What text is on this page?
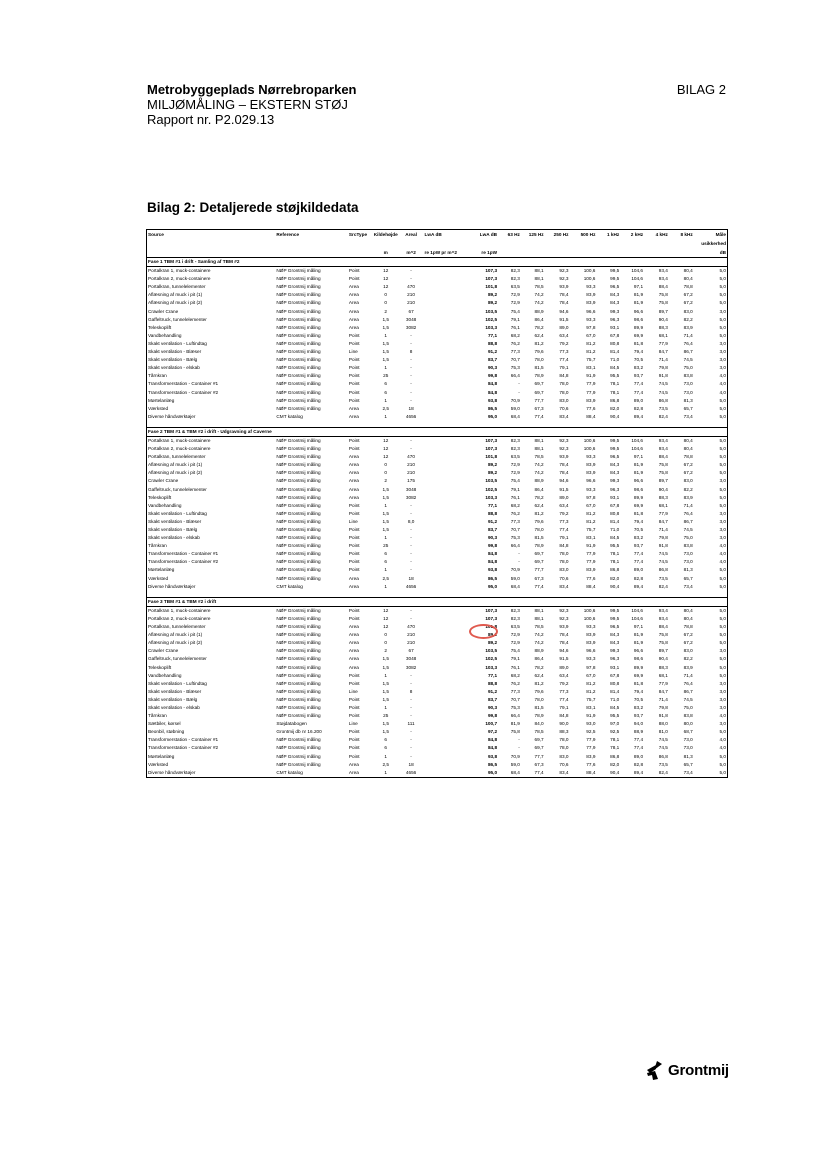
Metrobyggeplads Nørrebroparken
MILJØMÅLING – EKSTERN STØJ
Rapport nr. P2.029.13
BILAG 2
Bilag 2: Detaljerede støjkildedata
Source	Reference	SrcType	Kildehøjde	Areal	LwA dB	LwA dB	63 Hz	125 Hz	250 Hz	500 Hz	1 kHz	2 kHz	4 kHz	8 kHz	Måle
															usikkerhed
			m	m^2	re 1pW pr m^2	re 1pW									dB
Fase 1 TBM #1 i drift - Samling af TBM #2															
Portalkran 1, muck-containere	NØP Grontmij måling	Point	12	-		107,3	82,3	88,1	92,3	100,6	99,5	104,6	93,4	80,4	5,0
Portalkran 2, muck-containere	NØP Grontmij måling	Point	12	-		107,3	82,3	88,1	92,3	100,6	99,5	104,6	93,4	80,4	5,0
Portalkran, tunnelelementer	NØP Grontmij måling	Area	12	470		101,8	63,5	78,5	93,9	93,3	96,5	97,1	88,4	78,8	5,0
Aflæsning af muck i pit (1)	NØP Grontmij måling	Area	0	210		89,2	72,9	74,2	78,4	83,9	84,3	81,9	75,8	67,2	5,0
Aflæsning af muck i pit (2)	NØP Grontmij måling	Area	0	210		89,2	72,9	74,2	78,4	83,9	84,3	81,9	75,8	67,2	5,0
Crawler Crane	NØP Grontmij måling	Area	2	67		103,5	75,4	88,9	94,6	96,6	99,3	96,6	89,7	83,0	3,0
Gaffeltruck, tunnelelementer	NØP Grontmij måling	Area	1,5	3048		102,5	79,1	86,4	91,5	93,3	96,3	98,6	90,4	82,2	5,0
Teleskoplift	NØP Grontmij måling	Area	1,5	3082		103,3	76,1	78,2	89,0	97,8	93,1	89,9	88,3	83,9	5,0
Vandbehandling	NØP Grontmij måling	Point	1	-		77,1	68,2	62,4	63,4	67,0	67,8	69,9	68,1	71,4	5,0
Skakt ventilation - Luftindtag	NØP Grontmij måling	Point	1,5	-		88,8	76,2	81,2	79,2	81,2	80,8	81,8	77,9	76,4	3,0
Skakt ventilation - Blæser	NØP Grontmij måling	Line	1,5	8		91,2	77,3	79,6	77,3	81,2	81,4	79,4	84,7	86,7	3,0
Skakt ventilation - Bælg	NØP Grontmij måling	Point	1,5	-		83,7	70,7	78,0	77,4	75,7	71,0	70,5	71,4	74,5	3,0
Skakt ventilation - elskab	NØP Grontmij måling	Point	1	-		90,3	75,3	81,5	79,1	83,1	84,5	83,2	79,8	75,0	3,0
Tårnkran	NØP Grontmij måling	Point	25	-		99,8	66,4	78,9	84,8	91,9	95,5	93,7	91,8	83,8	4,0
Transformerstation - Container #1	NØP Grontmij måling	Point	6	-		84,8	-	69,7	78,0	77,9	78,1	77,4	74,5	73,0	4,0
Transformerstation - Container #2	NØP Grontmij måling	Point	6	-		84,8	-	69,7	78,0	77,9	78,1	77,4	74,5	73,0	4,0
Mørtelanlæg	NØP Grontmij måling	Point	1	-		93,8	70,9	77,7	83,0	83,9	86,8	89,0	86,8	81,3	5,0
Værksted	NØP Grontmij måling	Area	2,5	18		86,5	59,0	67,3	70,6	77,6	82,0	82,8	73,5	65,7	5,0
Diverse håndværktøjer	CMT katalog	Area	1	4656		95,0	68,4	77,4	83,4	88,4	90,4	89,4	82,4	73,4	5,0

Fase 2 TBM #1 & TBM #2 i drift - Udgravning af Caverne															
Portalkran 1, muck-containere	NØP Grontmij måling	Point	12	-		107,3	82,3	88,1	92,3	100,6	99,5	104,6	93,4	80,4	5,0
Portalkran 2, muck-containere	NØP Grontmij måling	Point	12	-		107,3	82,3	88,1	92,3	100,6	99,5	104,6	93,4	80,4	5,0
Portalkran, tunnelelementer	NØP Grontmij måling	Area	12	470		101,8	63,5	78,5	93,9	93,3	96,5	97,1	88,4	78,8	5,0
Aflæsning af muck i pit (1)	NØP Grontmij måling	Area	0	210		89,2	72,9	74,2	78,4	83,9	84,3	81,9	75,8	67,2	5,0
Aflæsning af muck i pit (2)	NØP Grontmij måling	Area	0	210		89,2	72,9	74,2	78,4	83,9	84,3	81,9	75,8	67,2	5,0
Crawler Crane	NØP Grontmij måling	Area	2	175		103,5	75,4	88,9	94,6	96,6	99,3	96,6	89,7	83,0	3,0
Gaffeltruck, tunnelelementer	NØP Grontmij måling	Area	1,5	3048		102,5	79,1	86,4	91,5	93,3	96,3	98,6	90,4	82,2	5,0
Teleskoplift	NØP Grontmij måling	Area	1,5	3082		103,3	76,1	78,2	89,0	97,8	93,1	89,9	88,3	83,9	5,0
Vandbehandling	NØP Grontmij måling	Point	1	-		77,1	68,2	62,4	63,4	67,0	67,8	69,9	68,1	71,4	5,0
Skakt ventilation - Luftindtag	NØP Grontmij måling	Point	1,5	-		88,8	76,2	81,2	79,2	81,2	80,8	81,8	77,9	76,4	3,0
Skakt ventilation - Blæser	NØP Grontmij måling	Line	1,5	8,0		91,2	77,3	79,6	77,3	81,2	81,4	79,4	84,7	86,7	3,0
Skakt ventilation - Bælg	NØP Grontmij måling	Point	1,5	-		83,7	70,7	78,0	77,4	75,7	71,0	70,5	71,4	74,5	3,0
Skakt ventilation - elskab	NØP Grontmij måling	Point	1	-		90,3	75,3	81,5	79,1	83,1	84,5	83,2	79,8	75,0	3,0
Tårnkran	NØP Grontmij måling	Point	25	-		99,8	66,4	78,9	84,8	91,9	95,5	93,7	91,8	83,8	4,0
Transformerstation - Container #1	NØP Grontmij måling	Point	6	-		84,8	-	69,7	78,0	77,9	78,1	77,4	74,5	73,0	4,0
Transformerstation - Container #2	NØP Grontmij måling	Point	6	-		84,8	-	69,7	78,0	77,9	78,1	77,4	74,5	73,0	4,0
Mørtelanlæg	NØP Grontmij måling	Point	1	-		93,8	70,9	77,7	83,0	83,9	86,8	89,0	86,8	81,3	5,0
Værksted	NØP Grontmij måling	Area	2,5	18		86,5	59,0	67,3	70,6	77,6	82,0	82,8	73,5	65,7	5,0
Diverse håndværktøjer	CMT katalog	Area	1	4656		95,0	68,4	77,4	83,4	88,4	90,4	89,4	82,4	73,4	5,0

Fase 3 TBM #1 & TBM #2 i drift															
Portalkran 1, muck-containere	NØP Grontmij måling	Point	12	-		107,3	82,3	88,1	92,3	100,6	99,5	104,6	93,4	80,4	5,0
Portalkran 2, muck-containere	NØP Grontmij måling	Point	12	-		107,3	82,3	88,1	92,3	100,6	99,5	104,6	93,4	80,4	5,0
Portalkran, tunnelelementer	NØP Grontmij måling	Area	12	470		101,8	63,5	78,5	93,9	93,3	96,5	97,1	88,4	78,8	5,0
Aflæsning af muck i pit (1)	NØP Grontmij måling	Area	0	210		89,2	72,9	74,2	78,4	83,9	84,3	81,9	75,8	67,2	5,0
Aflæsning af muck i pit (2)	NØP Grontmij måling	Area	0	210		89,2	72,9	74,2	78,4	83,9	84,3	81,9	75,8	67,2	5,0
Crawler Crane	NØP Grontmij måling	Area	2	67		103,5	75,4	88,9	94,6	96,6	99,3	96,6	89,7	83,0	3,0
Gaffeltruck, tunnelelementer	NØP Grontmij måling	Area	1,5	3048		102,5	79,1	86,4	91,5	93,3	96,3	98,6	90,4	82,2	5,0
Teleskoplift	NØP Grontmij måling	Area	1,5	3082		103,3	76,1	78,2	89,0	97,8	93,1	89,9	88,3	83,9	5,0
Vandbehandling	NØP Grontmij måling	Point	1	-		77,1	68,2	62,4	63,4	67,0	67,8	69,9	68,1	71,4	5,0
Skakt ventilation - Luftindtag	NØP Grontmij måling	Point	1,5	-		88,8	76,2	81,2	79,2	81,2	80,8	81,8	77,9	76,4	3,0
Skakt ventilation - Blæser	NØP Grontmij måling	Line	1,5	8		91,2	77,3	79,6	77,3	81,2	81,4	79,4	84,7	86,7	3,0
Skakt ventilation - Bælg	NØP Grontmij måling	Point	1,5	-		83,7	70,7	78,0	77,4	75,7	71,0	70,5	71,4	74,5	3,0
Skakt ventilation - elskab	NØP Grontmij måling	Point	1	-		90,3	75,3	81,5	79,1	83,1	84,5	83,2	79,8	75,0	3,0
Tårnkran	NØP Grontmij måling	Point	25	-		99,8	66,4	78,9	84,8	91,9	95,5	93,7	91,8	83,8	4,0
Sætbiler, kørsel	Støjdatabogen	Line	1,5	111		100,7	81,9	84,0	90,0	93,0	97,0	94,0	88,0	80,0	3,0
Beonbil, støbning	Grontmij db nr 16.200	Point	1,5	-		97,2	75,8	78,5	88,3	92,5	92,5	88,9	81,0	68,7	5,0
Transformerstation - Container #1	NØP Grontmij måling	Point	6	-		84,8	-	69,7	78,0	77,9	78,1	77,4	74,5	73,0	4,0
Transformerstation - Container #2	NØP Grontmij måling	Point	6	-		84,8	-	69,7	78,0	77,9	78,1	77,4	74,5	73,0	4,0
Mørtelanlæg	NØP Grontmij måling	Point	1	-		93,8	70,9	77,7	83,0	83,9	86,8	89,0	86,8	81,3	5,0
Værksted	NØP Grontmij måling	Area	2,5	18		86,5	59,0	67,3	70,6	77,6	82,0	82,8	73,5	65,7	5,0
Diverse håndværktøjer	CMT katalog	Area	1	4656		95,0	68,4	77,4	83,4	88,4	90,4	89,4	82,4	73,4	5,0
Grontmij
